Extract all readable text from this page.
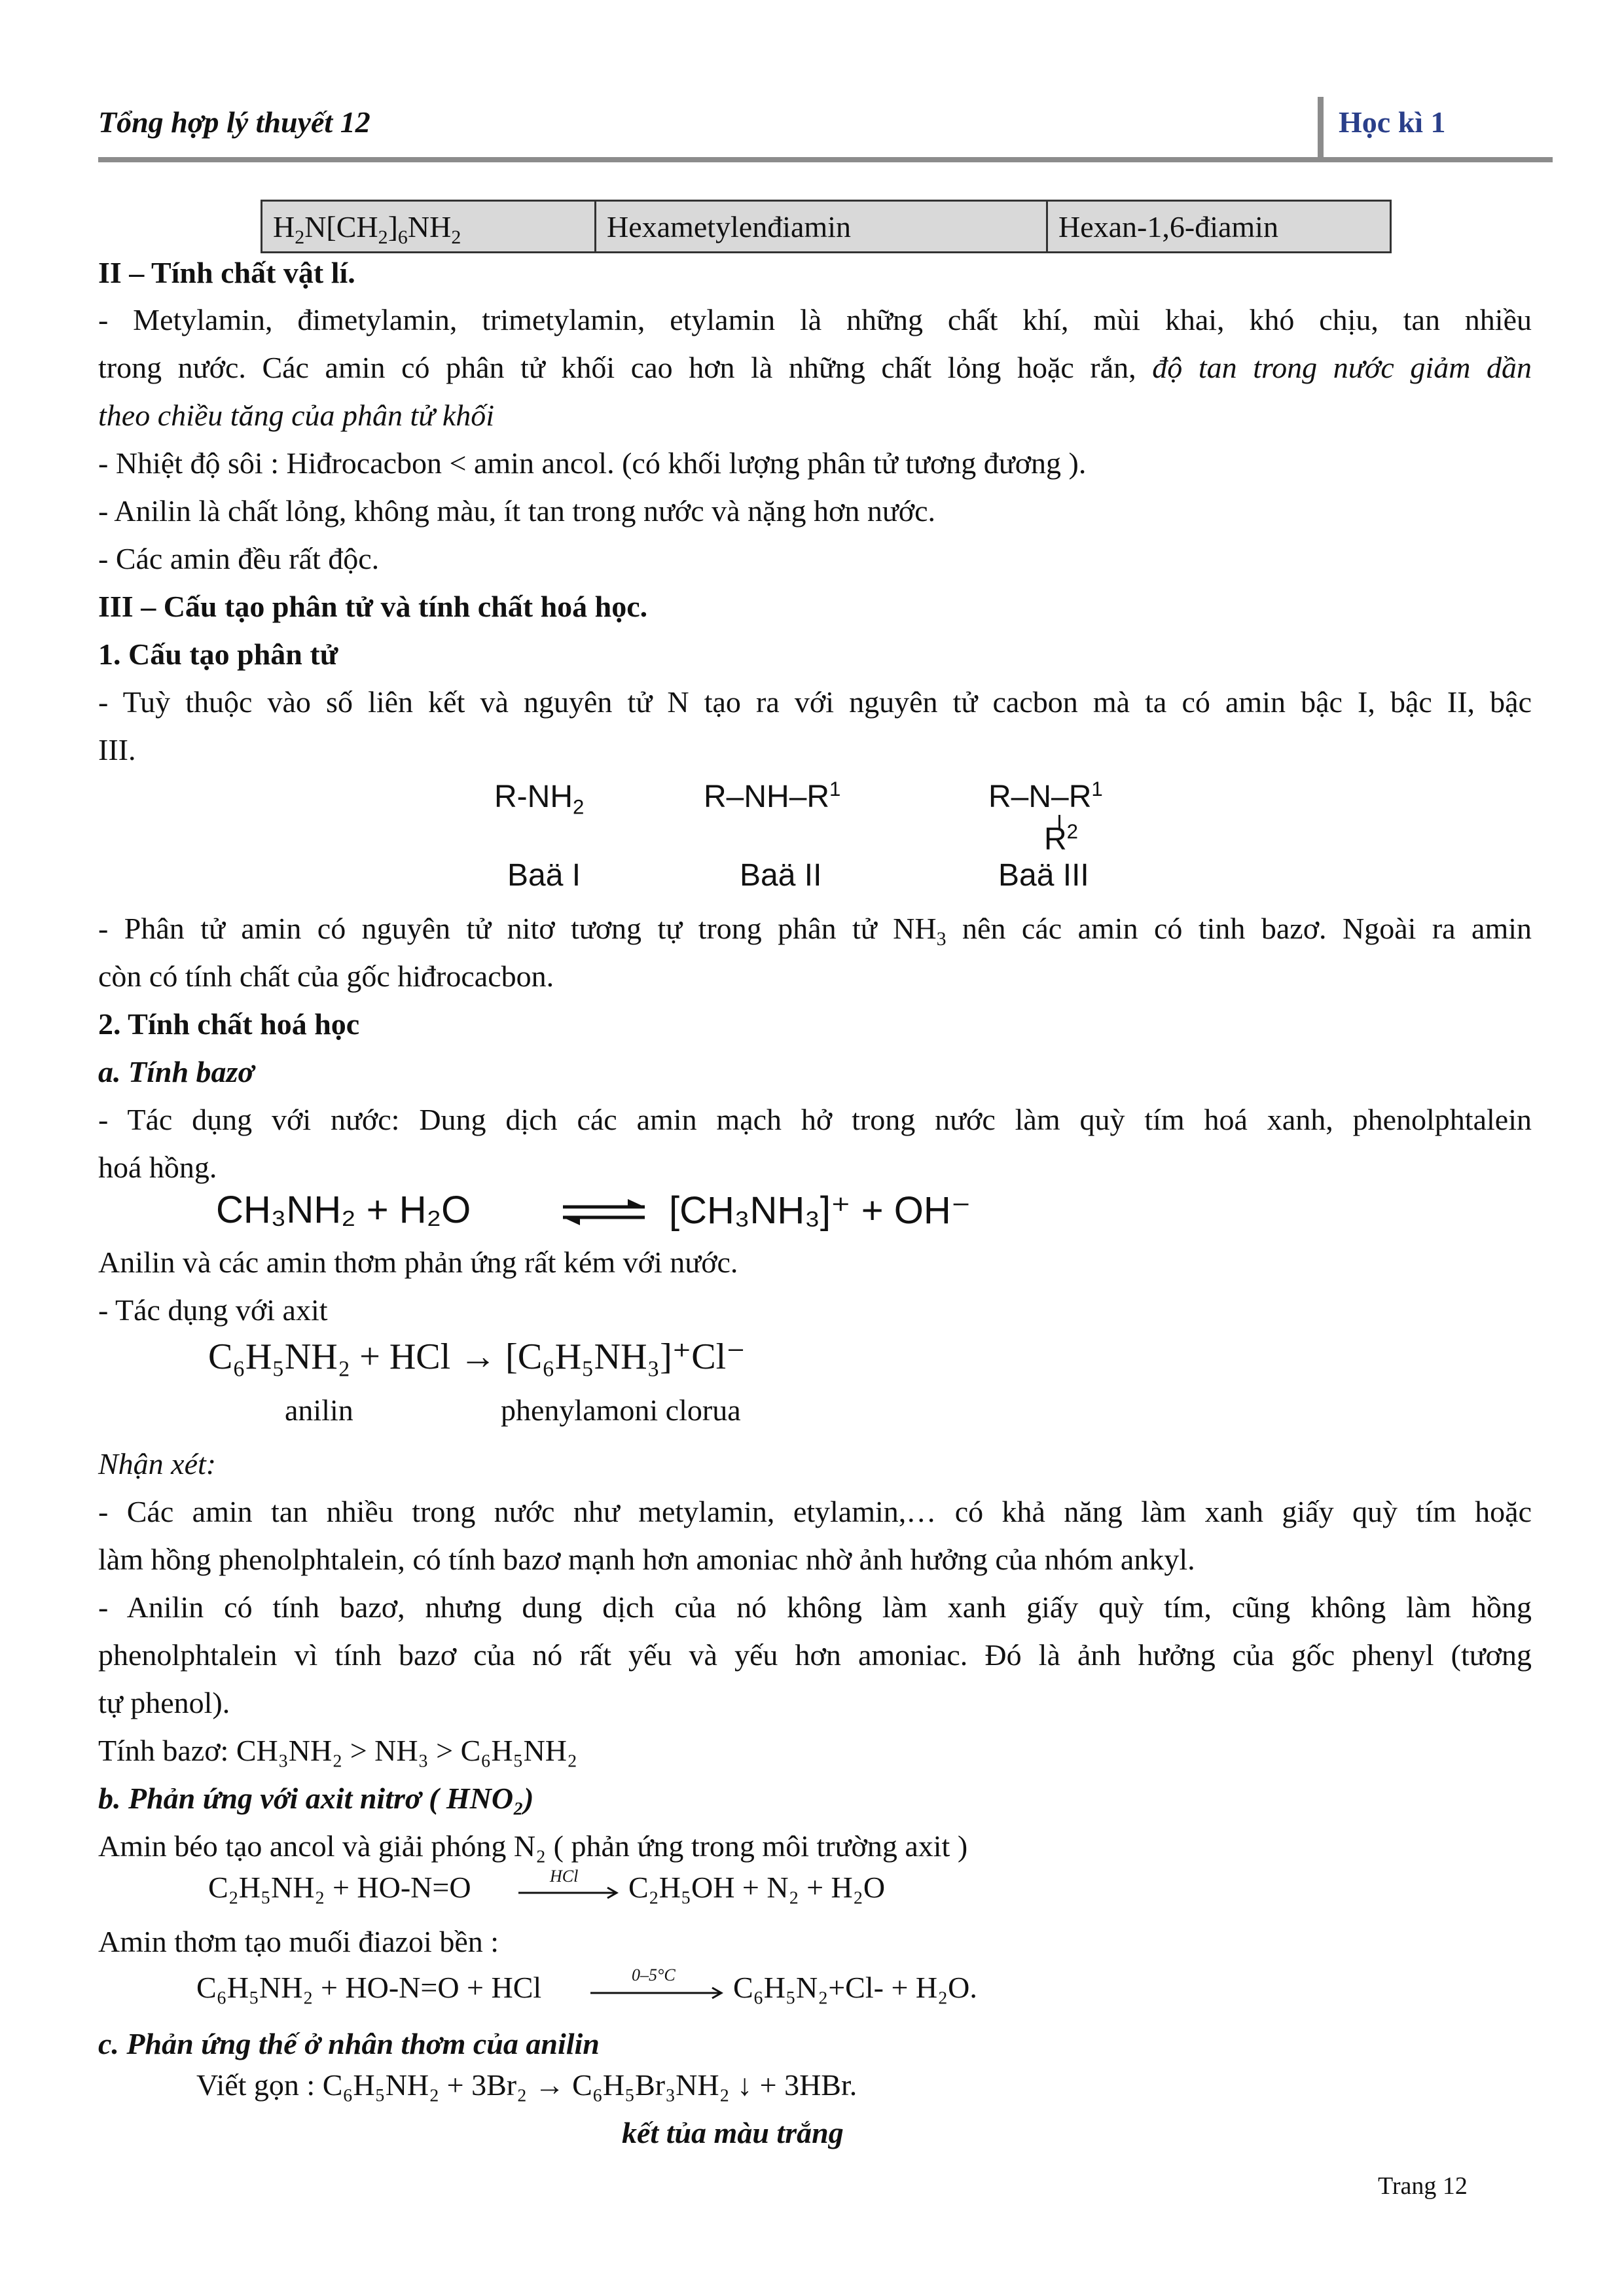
Tổng hợp lý thuyết 12	Học kì 1
$H_2N[CH_2]_6NH_2$	Hexametylenđiamin	Hexan-1,6-điamin
II – Tính chất vật lí.
- Metylamin, đimetylamin, trimetylamin, etylamin là những chất khí, mùi khai, khó chịu, tan nhiều
trong nước. Các amin có phân tử khối cao hơn là những chất lỏng hoặc rắn, độ tan trong nước giảm dần
theo chiều tăng của phân tử khối
- Nhiệt độ sôi : Hiđrocacbon < amin ancol. (có khối lượng phân tử tương đương ).
- Anilin là chất lỏng, không màu, ít tan trong nước và nặng hơn nước.
- Các amin đều rất độc.
III – Cấu tạo phân tử và tính chất hoá học.
1. Cấu tạo phân tử
- Tuỳ thuộc vào số liên kết và nguyên tử N tạo ra với nguyên tử cacbon mà ta có amin bậc I, bậc II, bậc
III.
$R-NH_2$	$R-NH-R^1$	$R-N-R^1$
$R^2$
Baä I	Baä II	Baä III
- Phân tử amin có nguyên tử nitơ tương tự trong phân tử $NH_3$ nên các amin có tinh bazơ. Ngoài ra amin
còn có tính chất của gốc hiđrocacbon.
2. Tính chất hoá học
a. Tính bazơ
- Tác dụng với nước: Dung dịch các amin mạch hở trong nước làm quỳ tím hoá xanh, phenolphtalein
hoá hồng.
CH₃NH₂ + H₂O	[CH₃NH₃]⁺ + OH⁻
Anilin và các amin thơm phản ứng rất kém với nước.
- Tác dụng với axit
C₆H₅NH₂ + HCl → [C₆H₅NH₃]⁺Cl⁻
anilin	phenylamoni clorua
Nhận xét:
- Các amin tan nhiều trong nước như metylamin, etylamin,… có khả năng làm xanh giấy quỳ tím hoặc
làm hồng phenolphtalein, có tính bazơ mạnh hơn amoniac nhờ ảnh hưởng của nhóm ankyl.
- Anilin có tính bazơ, nhưng dung dịch của nó không làm xanh giấy quỳ tím, cũng không làm hồng
phenolphtalein vì tính bazơ của nó rất yếu và yếu hơn amoniac. Đó là ảnh hưởng của gốc phenyl (tương
tự phenol).
Tính bazơ: CH₃NH₂ > NH₃ > C₆H₅NH₂
b. Phản ứng với axit nitrơ ( HNO₂)
Amin béo tạo ancol và giải phóng N₂ ( phản ứng trong môi trường axit )
C₂H₅NH₂ + HO-N=O	HCl C₂H₅OH + N₂ + H₂O
Amin thơm tạo muối điazoi bền :
C₆H₅NH₂ + HO-N=O + HCl	0–5°C C₆H₅N₂+Cl- + H₂O.
c. Phản ứng thế ở nhân thơm của anilin
Viết gọn : C₆H₅NH₂ + 3Br₂ → C₆H₅Br₃NH₂ ↓ + 3HBr.
kết tủa màu trắng
Trang 12
